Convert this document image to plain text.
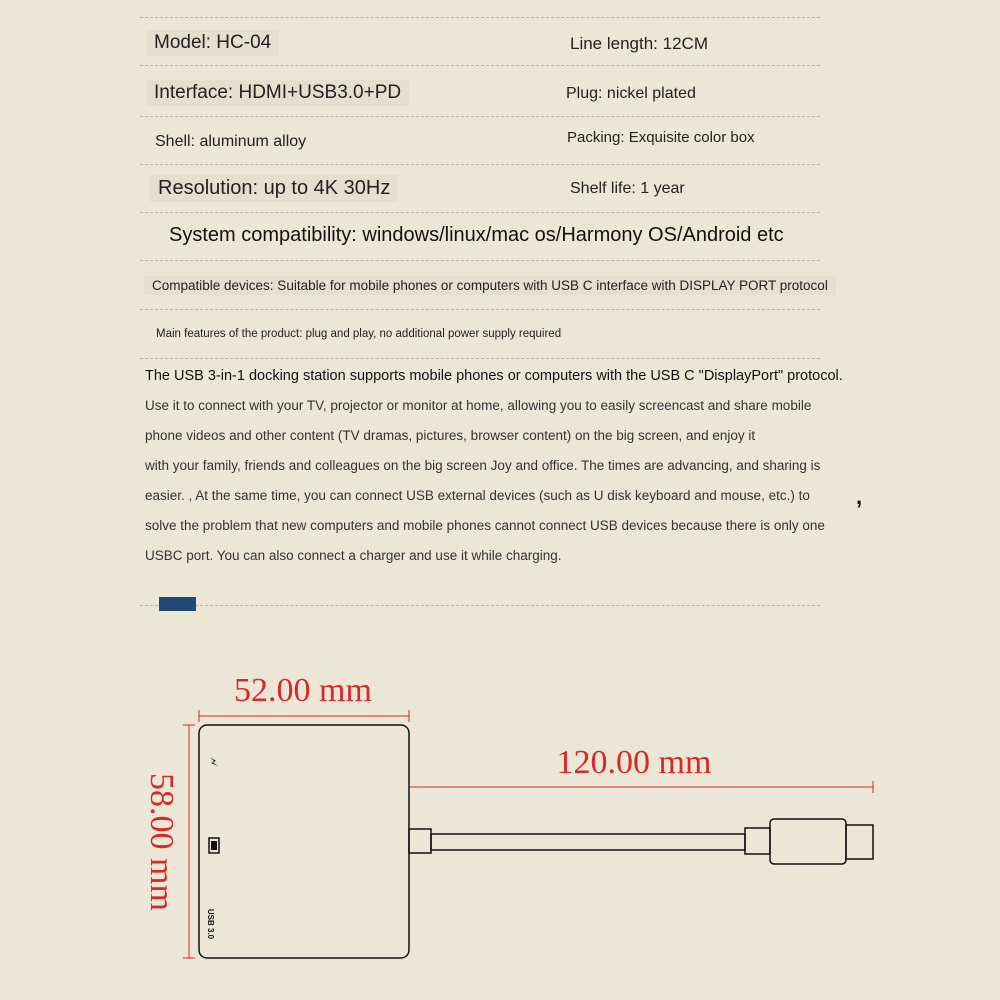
Model: HC-04	Line length: 12CM
Interface: HDMI+USB3.0+PD	Plug: nickel plated
Shell: aluminum alloy	Packing: Exquisite color box
Resolution: up to 4K 30Hz	Shelf life: 1 year
System compatibility: windows/linux/mac os/Harmony OS/Android etc
Compatible devices: Suitable for mobile phones or computers with USB C interface with DISPLAY PORT protocol
Main features of the product: plug and play, no additional power supply required

The USB 3-in-1 docking station supports mobile phones or computers with the USB C "DisplayPort" protocol.

Use it to connect with your TV, projector or monitor at home, allowing you to easily screencast and share mobile

phone videos and other content (TV dramas, pictures, browser content) on the big screen, and enjoy it

with your family, friends and colleagues on the big screen Joy and office. The times are advancing, and sharing is

easier. , At the same time, you can connect USB external devices (such as U disk keyboard and mouse, etc.) to

solve the problem that new computers and mobile phones cannot connect USB devices because there is only one

USBC port. You can also connect a charger and use it while charging.

,
52.00 mm
58.00 mm
120.00 mm
USB 3.0
